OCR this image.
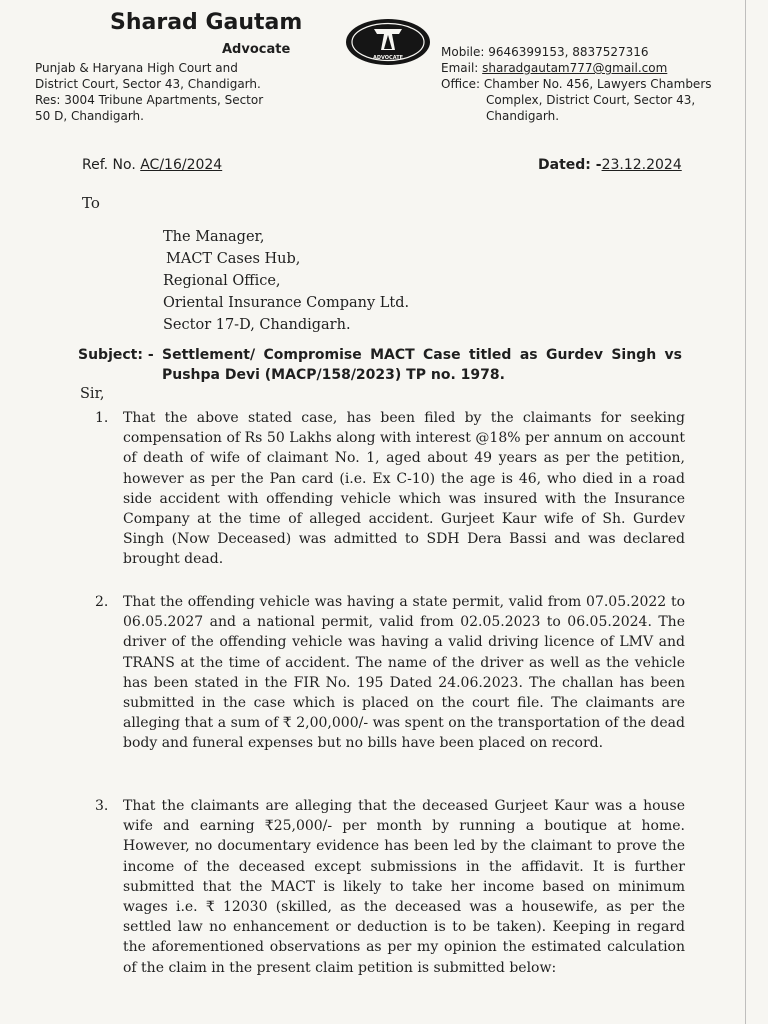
Sharad Gautam
Advocate
Punjab & Haryana High Court and
District Court, Sector 43, Chandigarh.
Res: 3004 Tribune Apartments, Sector
50 D, Chandigarh.
ADVOCATE	Mobile: 9646399153, 8837527316
Email: sharadgautam777@gmail.com
Office: Chamber No. 456, Lawyers Chambers
Complex, District Court, Sector 43,
Chandigarh.
Ref. No. AC/16/2024	Dated: -23.12.2024
To
The Manager,
MACT Cases Hub,
Regional Office,
Oriental Insurance Company Ltd.
Sector 17-D, Chandigarh.
Subject: - Settlement/ Compromise MACT Case titled as Gurdev Singh vs Pushpa Devi (MACP/158/2023) TP no. 1978.
Sir,
1. That the above stated case, has been filed by the claimants for seeking compensation of Rs 50 Lakhs along with interest @18% per annum on account of death of wife of claimant No. 1, aged about 49 years as per the petition, however as per the Pan card (i.e. Ex C-10) the age is 46, who died in a road side accident with offending vehicle which was insured with the Insurance Company at the time of alleged accident. Gurjeet Kaur wife of Sh. Gurdev Singh (Now Deceased) was admitted to SDH Dera Bassi and was declared brought dead.
2. That the offending vehicle was having a state permit, valid from 07.05.2022 to 06.05.2027 and a national permit, valid from 02.05.2023 to 06.05.2024. The driver of the offending vehicle was having a valid driving licence of LMV and TRANS at the time of accident. The name of the driver as well as the vehicle has been stated in the FIR No. 195 Dated 24.06.2023. The challan has been submitted in the case which is placed on the court file. The claimants are alleging that a sum of ₹ 2,00,000/- was spent on the transportation of the dead body and funeral expenses but no bills have been placed on record.
3. That the claimants are alleging that the deceased Gurjeet Kaur was a house wife and earning ₹25,000/- per month by running a boutique at home. However, no documentary evidence has been led by the claimant to prove the income of the deceased except submissions in the affidavit. It is further submitted that the MACT is likely to take her income based on minimum wages i.e. ₹ 12030 (skilled, as the deceased was a housewife, as per the settled law no enhancement or deduction is to be taken). Keeping in regard the aforementioned observations as per my opinion the estimated calculation of the claim in the present claim petition is submitted below:
